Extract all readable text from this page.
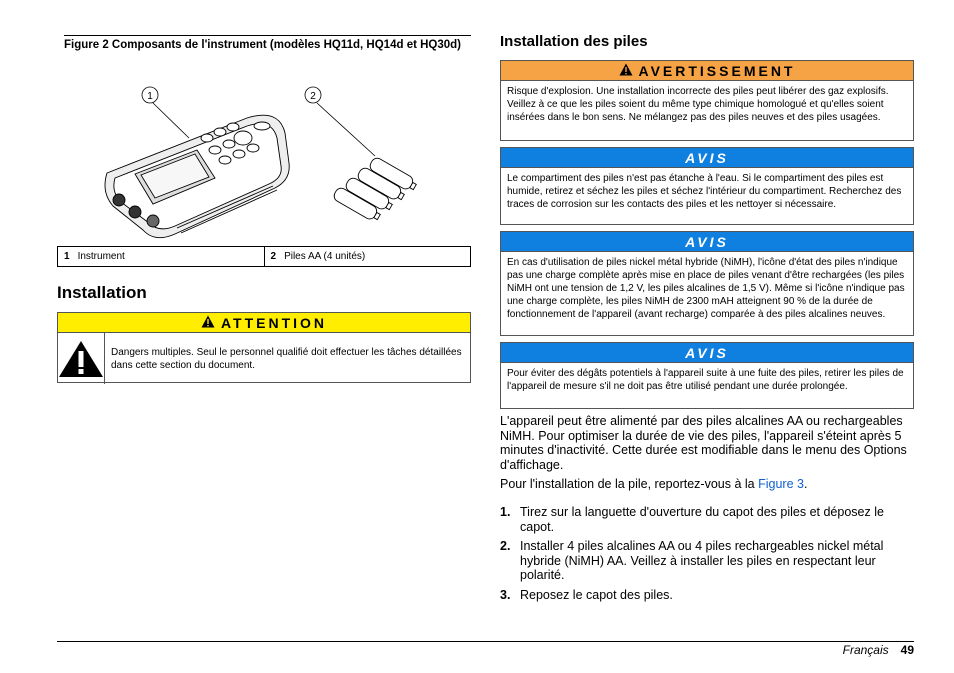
Figure 2 Composants de l'instrument (modèles HQ11d, HQ14d et HQ30d)
1	2
1 Instrument	2 Piles AA (4 unités)
Installation
ATTENTION
Dangers multiples. Seul le personnel qualifié doit effectuer les tâches détaillées dans cette section du document.
Installation des piles
AVERTISSEMENT
Risque d'explosion. Une installation incorrecte des piles peut libérer des gaz explosifs. Veillez à ce que les piles soient du même type chimique homologué et qu'elles soient insérées dans le bon sens. Ne mélangez pas des piles neuves et des piles usagées.
AVIS
Le compartiment des piles n'est pas étanche à l'eau. Si le compartiment des piles est humide, retirez et séchez les piles et séchez l'intérieur du compartiment. Recherchez des traces de corrosion sur les contacts des piles et les nettoyer si nécessaire.
AVIS
En cas d'utilisation de piles nickel métal hybride (NiMH), l'icône d'état des piles n'indique pas une charge complète après mise en place de piles venant d'être rechargées (les piles NiMH ont une tension de 1,2 V, les piles alcalines de 1,5 V). Même si l'icône n'indique pas une charge complète, les piles NiMH de 2300 mAH atteignent 90 % de la durée de fonctionnement de l'appareil (avant recharge) comparée à des piles alcalines neuves.
AVIS
Pour éviter des dégâts potentiels à l'appareil suite à une fuite des piles, retirer les piles de l'appareil de mesure s'il ne doit pas être utilisé pendant une durée prolongée.
L'appareil peut être alimenté par des piles alcalines AA ou rechargeables NiMH. Pour optimiser la durée de vie des piles, l'appareil s'éteint après 5 minutes d'inactivité. Cette durée est modifiable dans le menu des Options d'affichage.
Pour l'installation de la pile, reportez-vous à la Figure 3.
1. Tirez sur la languette d'ouverture du capot des piles et déposez le capot.
2. Installer 4 piles alcalines AA ou 4 piles rechargeables nickel métal hybride (NiMH) AA. Veillez à installer les piles en respectant leur polarité.
3. Reposez le capot des piles.
Français 49
